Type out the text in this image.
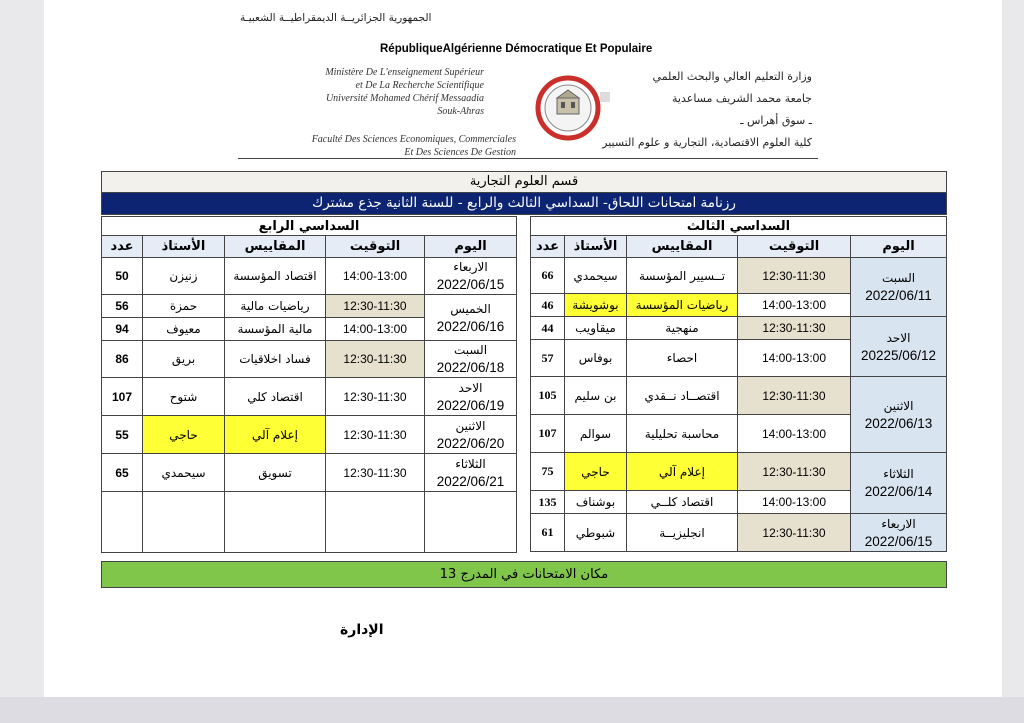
الجمهورية الجزائريــة الديمقراطيــة الشعبيـة
RépubliqueAlgérienne Démocratique Et Populaire
Ministère De L'enseignement Supérieur
et De La Recherche Scientifique
Université Mohamed Chérif Messaadia
Souk-Ahras
Faculté Des Sciences Economiques, Commerciales
Et Des Sciences De Gestion
وزارة التعليم العالي والبحث العلمي
جامعة محمد الشريف مساعدية
ـ سوق أهراس ـ
كلية العلوم الاقتصادية، التجارية و علوم التسيير
قسم العلوم التجارية
رزنامة امتحانات اللحاق- السداسي الثالث والرابع - للسنة الثانية جذع مشترك
السداسي الرابع				
عدد	الأستاذ	المقاييس	التوقيت	اليوم
50	زنيزن	اقتصاد المؤسسة	14:00-13:00	الاربعاء
2022/06/15

56	حمزة	رياضيات مالية	12:30-11:30	الخميس
2022/06/16

94	معيوف	مالية المؤسسة	14:00-13:00	
86	بريق	فساد اخلاقيات	12:30-11:30	السبت
2022/06/18

107	شتوح	اقتصاد كلي	12:30-11:30	الاحد
2022/06/19

55	حاجي	إعلام آلي	12:30-11:30	الاثنين
2022/06/20

65	سيحمدي	تسويق	12:30-11:30	الثلاثاء
2022/06/21

السداسي الثالث				
عدد	الأستاذ	المقاييس	التوقيت	اليوم
66	سيحمدي	تــسيير المؤسسة	12:30-11:30	السبت
2022/06/11

46	بوشويشة	رياضيات المؤسسة	14:00-13:00	
44	ميقاويب	منهجية	12:30-11:30	الاحد
20225/06/12

57	بوفاس	احصاء	14:00-13:00	
105	بن سليم	اقتصــاد نــقدي	12:30-11:30	الاثنين
2022/06/13

107	سوالم	محاسبة تحليلية	14:00-13:00	
75	حاجي	إعلام آلي	12:30-11:30	الثلاثاء
2022/06/14

135	بوشناف	اقتصاد كلــي	14:00-13:00	
61	شبوطي	انجليزيــة	12:30-11:30	الاربعاء
2022/06/15
مكان الامتحانات في المدرج 13
الإدارة
